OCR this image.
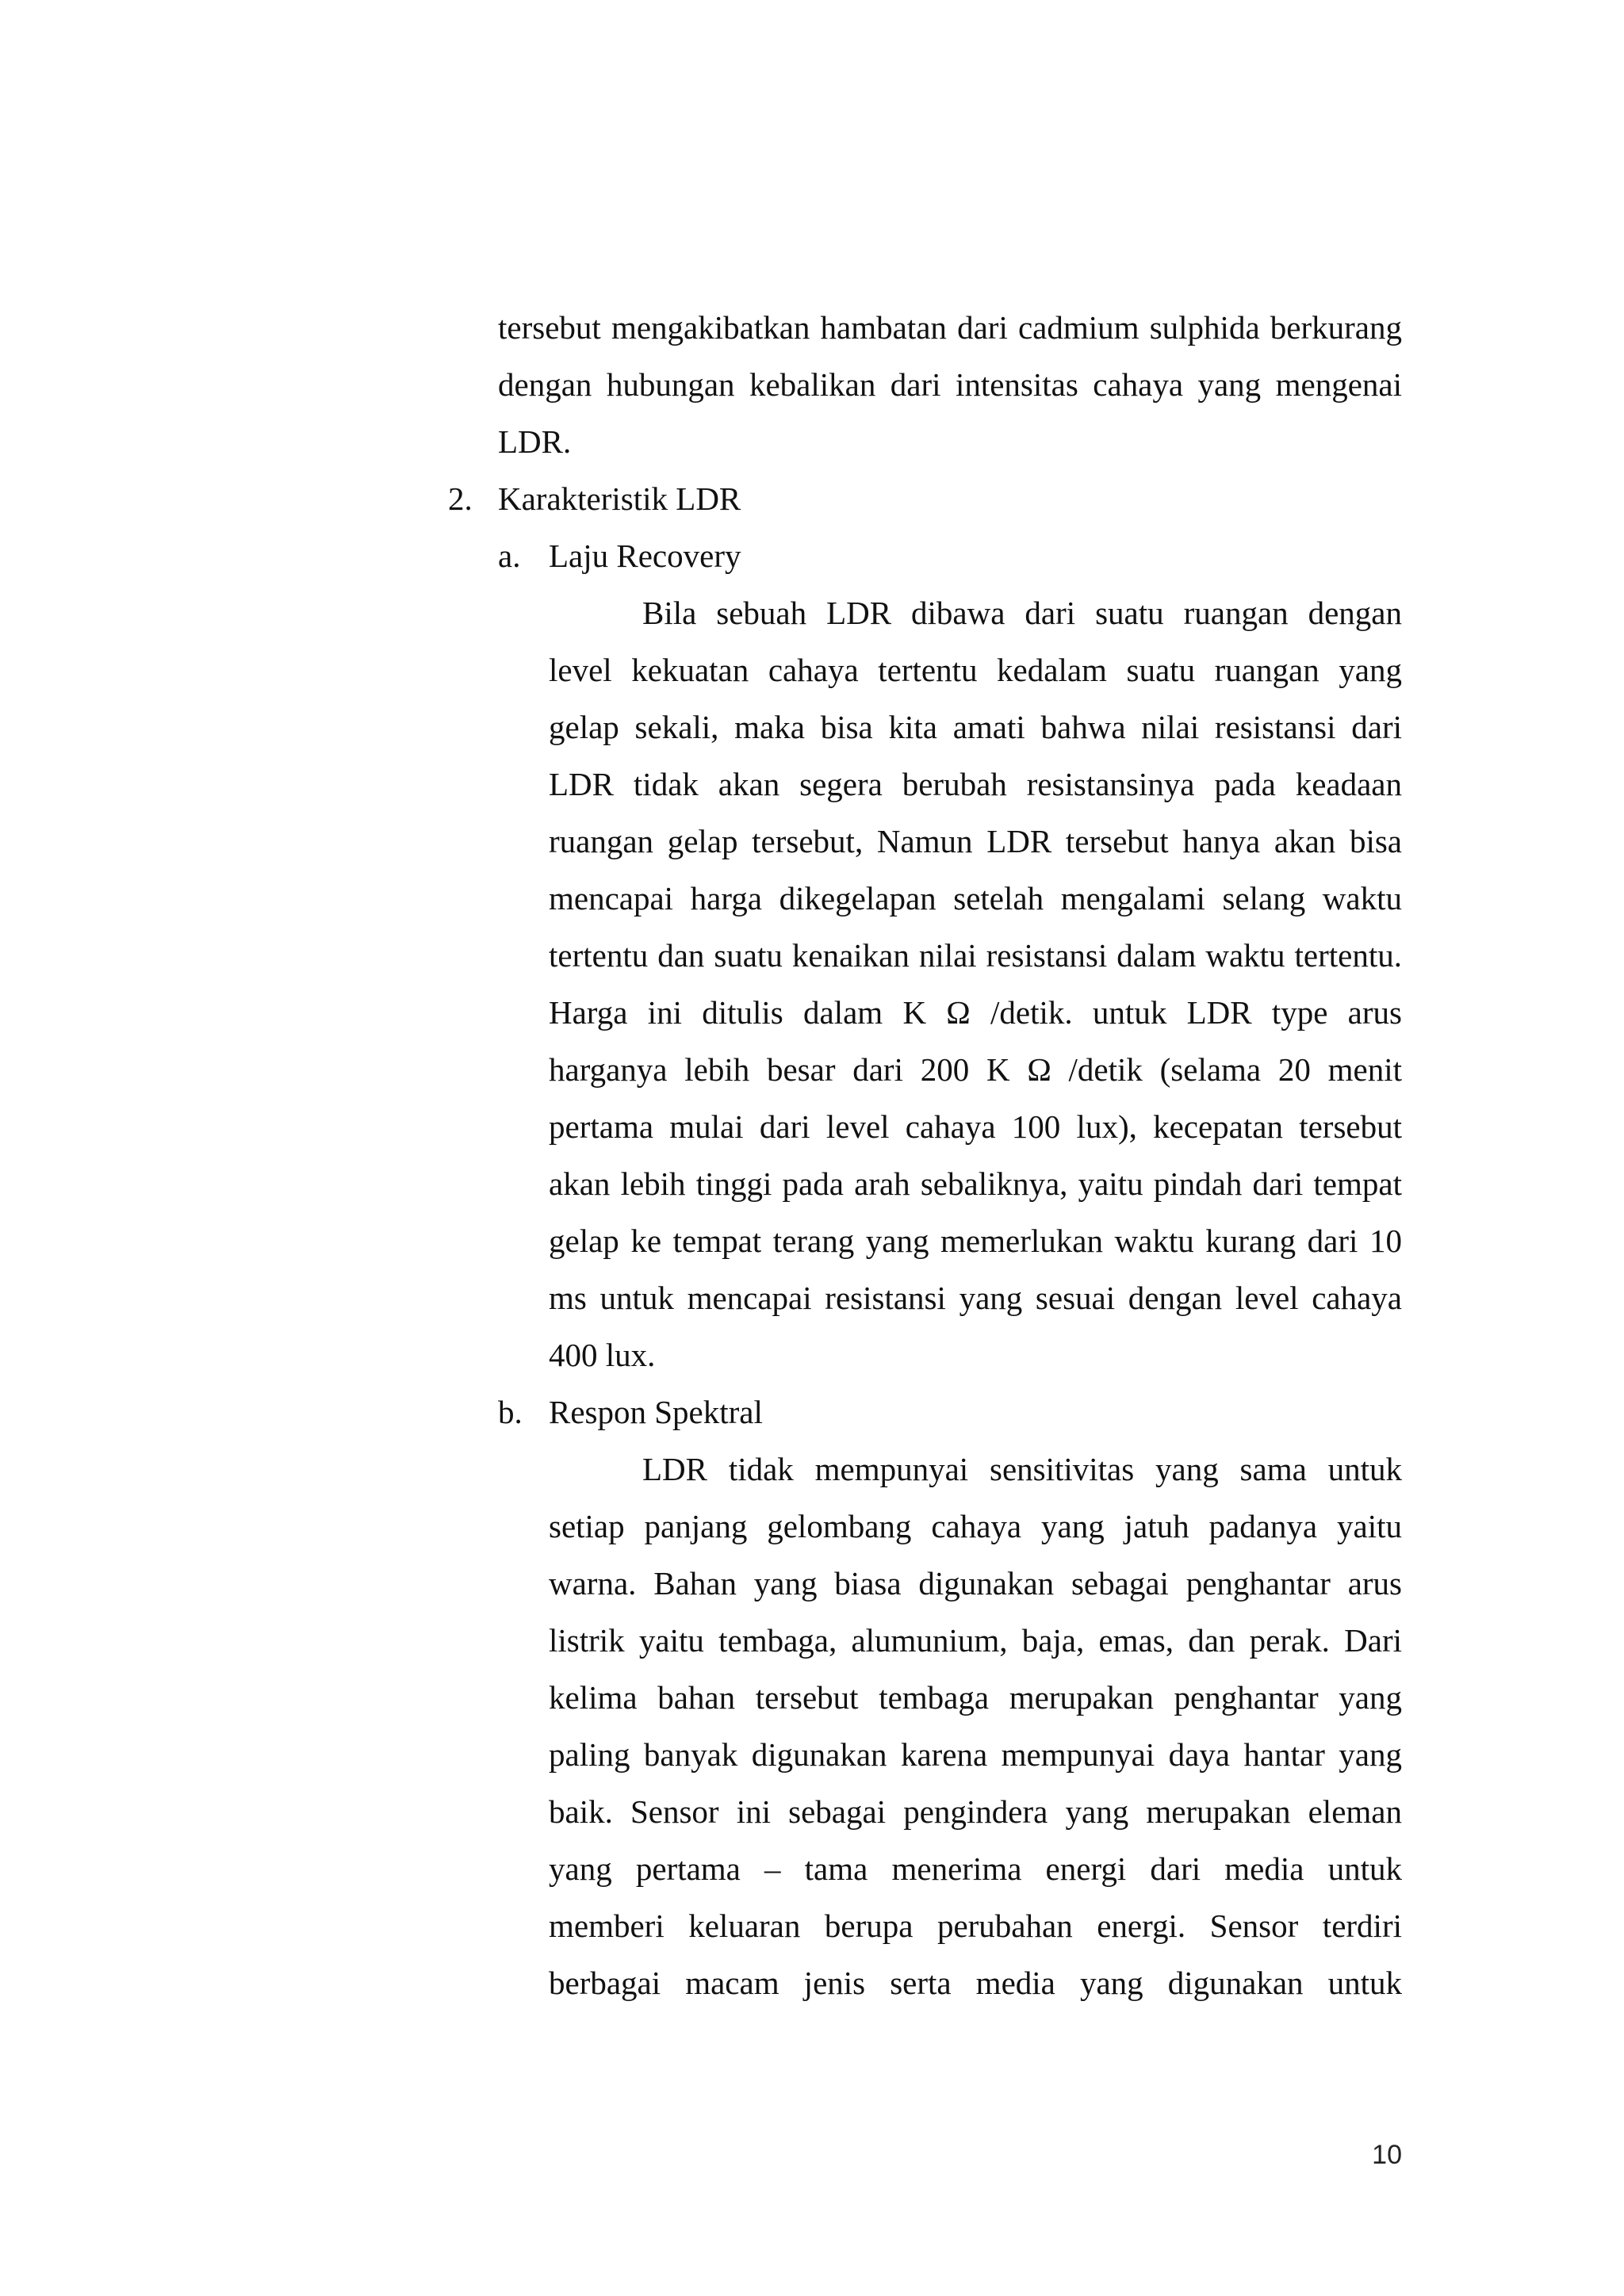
tersebut mengakibatkan hambatan dari cadmium sulphida berkurang
dengan hubungan kebalikan dari intensitas cahaya yang mengenai
LDR.
2. Karakteristik LDR
a. Laju Recovery
Bila sebuah LDR dibawa dari suatu ruangan dengan
level kekuatan cahaya tertentu kedalam suatu ruangan yang
gelap sekali, maka bisa kita amati bahwa nilai resistansi dari
LDR tidak akan segera berubah resistansinya pada keadaan
ruangan gelap tersebut, Namun LDR tersebut hanya akan bisa
mencapai harga dikegelapan setelah mengalami selang waktu
tertentu dan suatu kenaikan nilai resistansi dalam waktu tertentu.
Harga ini ditulis dalam K Ω /detik. untuk LDR type arus
harganya lebih besar dari 200 K Ω /detik (selama 20 menit
pertama mulai dari level cahaya 100 lux), kecepatan tersebut
akan lebih tinggi pada arah sebaliknya, yaitu pindah dari tempat
gelap ke tempat terang yang memerlukan waktu kurang dari 10
ms untuk mencapai resistansi yang sesuai dengan level cahaya
400 lux.
b. Respon Spektral
LDR tidak mempunyai sensitivitas yang sama untuk
setiap panjang gelombang cahaya yang jatuh padanya yaitu
warna. Bahan yang biasa digunakan sebagai penghantar arus
listrik yaitu tembaga, alumunium, baja, emas, dan perak. Dari
kelima bahan tersebut tembaga merupakan penghantar yang
paling banyak digunakan karena mempunyai daya hantar yang
baik. Sensor ini sebagai pengindera yang merupakan eleman
yang pertama – tama menerima energi dari media untuk
memberi keluaran berupa perubahan energi. Sensor terdiri
berbagai macam jenis serta media yang digunakan untuk
10
